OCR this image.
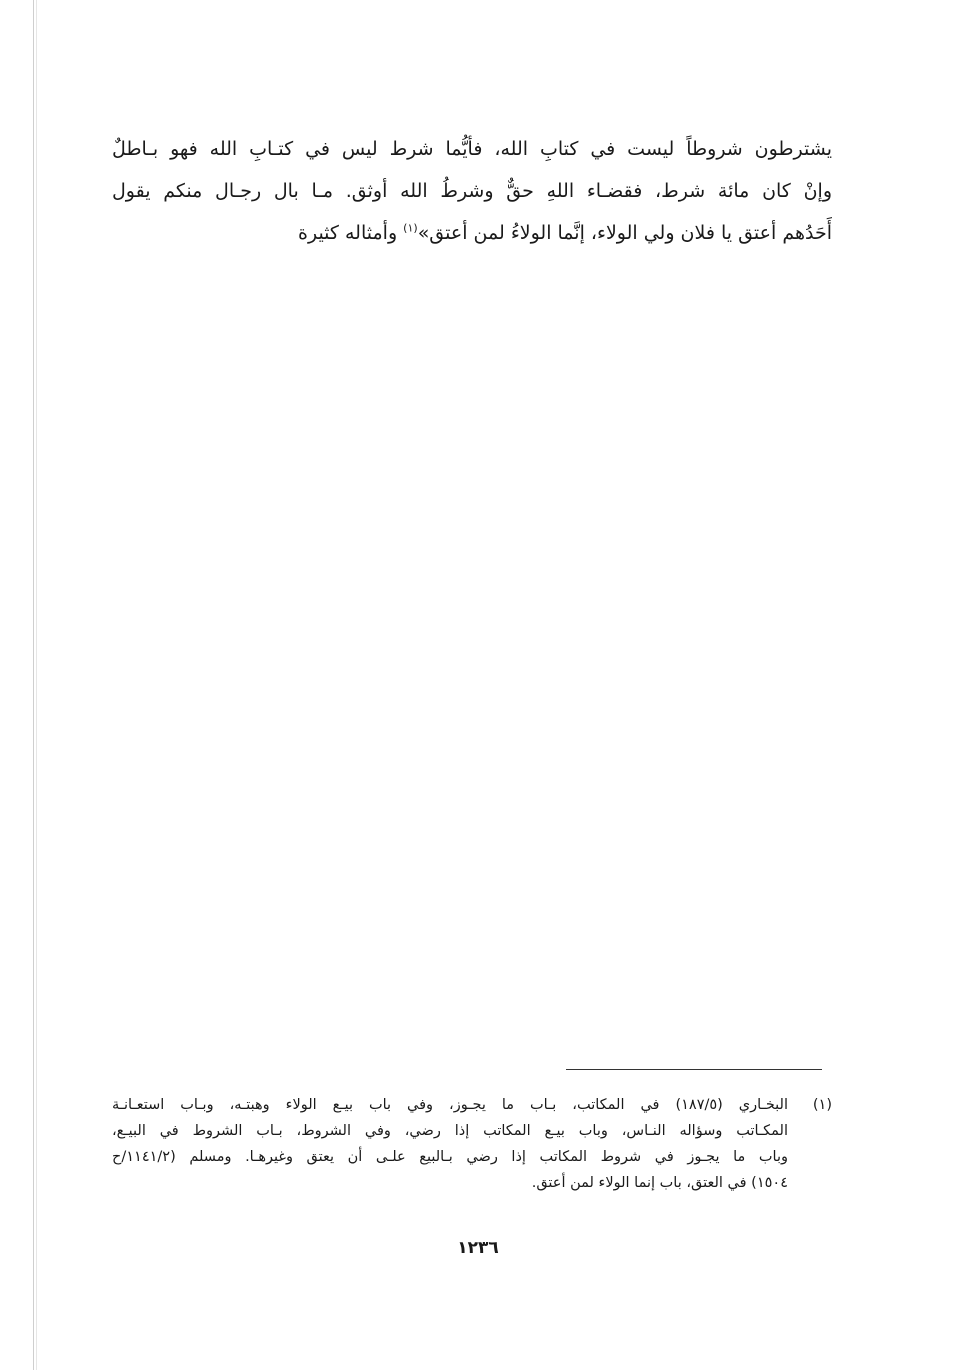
يشترطون شروطاً ليست في كتابِ الله، فأيُّما شرط ليس في كتـابِ الله فهو بـاطلٌ
وإنْ كان مائة شرط، فقضـاء اللهِ حقٌّ وشرطُ الله أوثق. مـا بال رجـال منكم يقول
أَحَدُهم أعتق يا فلان ولي الولاء، إنَّما الولاءُ لمن أعتق»$^{(١)}$ وأمثاله كثيرة
(١)
البخـاري (١٨٧/٥) في المكاتب، بـاب ما يجـوز، وفي باب بيـع الولاء وهبتـه، وبـاب استعـانـة
المكـاتب وسؤاله النـاس، وباب بيـع المكاتب إذا رضي، وفي الشروط، بـاب الشروط في البيـع،
وباب ما يجـوز في شروط المكاتب إذا رضي بـالبيع علـى أن يعتق وغيرهـا. ومسلم (١١٤١/٢/ح
١٥٠٤) في العتق، باب إنما الولاء لمن أعتق.
١٢٣٦
